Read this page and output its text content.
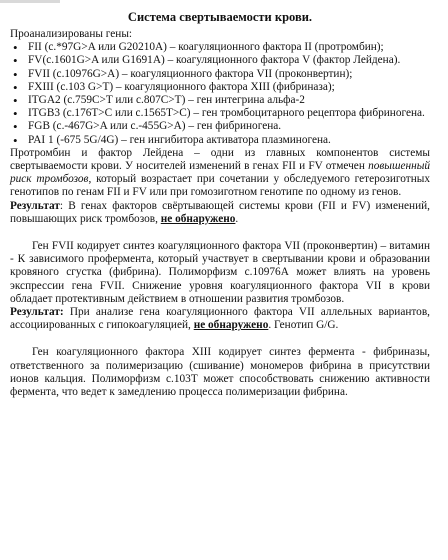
Система свертываемости крови.

Проанализированы гены:

• FII (с.*97G>A или G20210A) – коагуляционного фактора II (протромбин);
• FV(c.1601G>A или G1691A) – коагуляционного фактора V (фактор Лейдена).
• FVII (с.10976G>A) – коагуляционного фактора VII (проконвертин);
• FXIII (с.103 G>T) – коагуляционного фактора XIII (фибриназа);
• ITGA2 (с.759C>T или с.807C>T) – ген интегрина альфа-2
• ITGB3 (c.176T>C или с.1565T>C) – ген тромбоцитарного рецептора фибриногена.
• FGB (с.-467G>A или с.-455G>A) – ген фибриногена.
• PAI 1 (-675 5G/4G) – ген ингибитора активатора плазминогена.

Протромбин и фактор Лейдена – одни из главных компонентов системы свертываемости крови. У носителей изменений в генах FII и FV отмечен повышенный риск тромбозов, который возрастает при сочетании у обследуемого гетерозиготных генотипов по генам FII и FV или при гомозиготном генотипе по одному из генов.

Результат: В генах факторов свёртывающей системы крови (FII и FV) изменений, повышающих риск тромбозов, не обнаружено.

Ген FVII кодирует синтез коагуляционного фактора VII (проконвертин) – витамин - К зависимого профермента, который участвует в свертывании крови и образовании кровяного сгустка (фибрина). Полиморфизм с.10976А может влиять на уровень экспрессии гена FVII. Снижение уровня коагуляционного фактора VII в крови обладает протективным действием в отношении развития тромбозов.

Результат: При анализе гена коагуляционного фактора VII аллельных вариантов, ассоциированных с гипокоагуляцией, не обнаружено. Генотип G/G.

Ген коагуляционного фактора XIII кодирует синтез фермента - фибриназы, ответственного за полимеризацию (сшивание) мономеров фибрина в присутствии ионов кальция. Полиморфизм с.103T может способствовать снижению активности фермента, что ведет к замедлению процесса полимеризации фибрина.
